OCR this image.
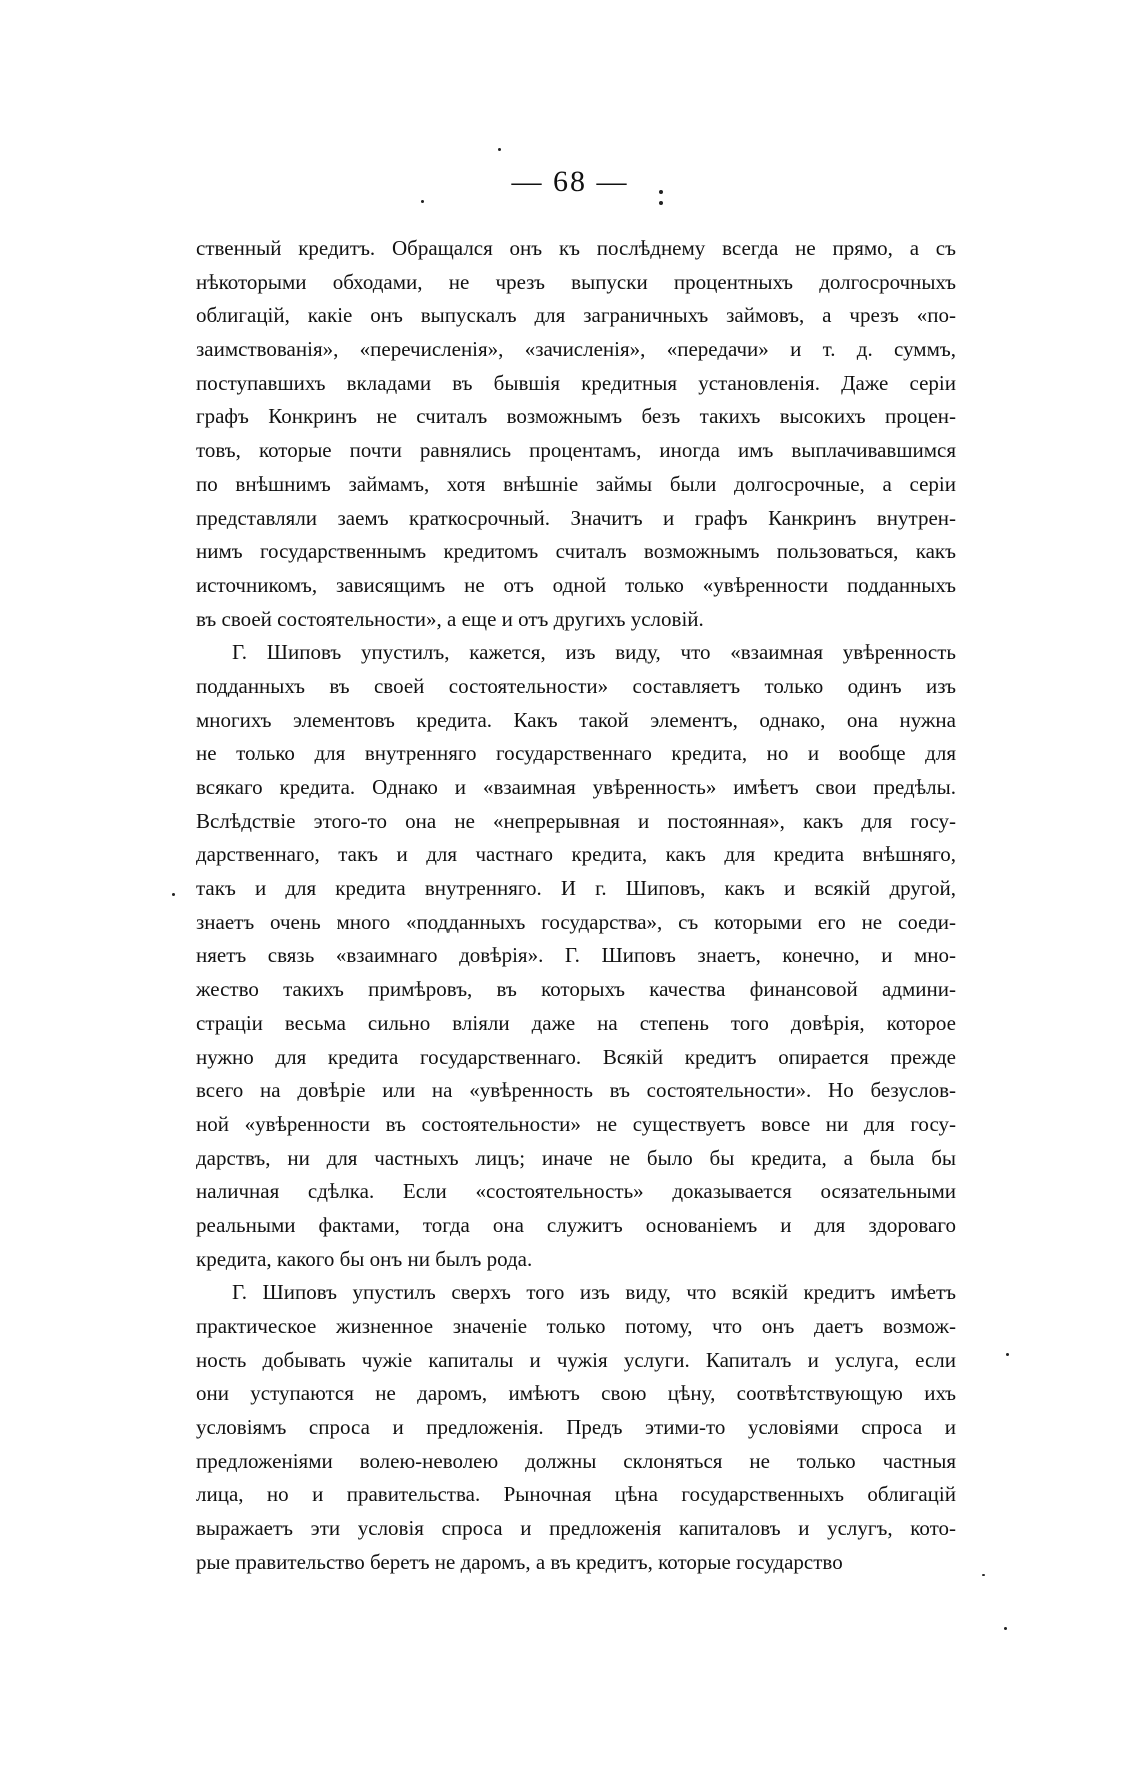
— 68 —
ственный кредитъ. Обращался онъ къ послѣднему всегда не прямо, а съ
нѣкоторыми обходами, не чрезъ выпуски процентныхъ долгосрочныхъ
облигацій, какіе онъ выпускалъ для заграничныхъ займовъ, а чрезъ «по-
заимствованія», «перечисленія», «зачисленія», «передачи» и т. д. суммъ,
поступавшихъ вкладами въ бывшія кредитныя установленія. Даже серіи
графъ Конкринъ не считалъ возможнымъ безъ такихъ высокихъ процен-
товъ, которые почти равнялись процентамъ, иногда имъ выплачивавшимся
по внѣшнимъ займамъ, хотя внѣшніе займы были долгосрочные, а серіи
представляли заемъ краткосрочный. Значитъ и графъ Канкринъ внутрен-
нимъ государственнымъ кредитомъ считалъ возможнымъ пользоваться, какъ
источникомъ, зависящимъ не отъ одной только «увѣренности подданныхъ
въ своей состоятельности», а еще и отъ другихъ условій.
Г. Шиповъ упустилъ, кажется, изъ виду, что «взаимная увѣренность
подданныхъ въ своей состоятельности» составляетъ только одинъ изъ
многихъ элементовъ кредита. Какъ такой элементъ, однако, она нужна
не только для внутренняго государственнаго кредита, но и вообще для
всякаго кредита. Однако и «взаимная увѣренность» имѣетъ свои предѣлы.
Вслѣдствіе этого-то она не «непрерывная и постоянная», какъ для госу-
дарственнаго, такъ и для частнаго кредита, какъ для кредита внѣшняго,
такъ и для кредита внутренняго. И г. Шиповъ, какъ и всякій другой,
знаетъ очень много «подданныхъ государства», съ которыми его не соеди-
няетъ связь «взаимнаго довѣрія». Г. Шиповъ знаетъ, конечно, и мно-
жество такихъ примѣровъ, въ которыхъ качества финансовой админи-
страціи весьма сильно вліяли даже на степень того довѣрія, которое
нужно для кредита государственнаго. Всякій кредитъ опирается прежде
всего на довѣріе или на «увѣренность въ состоятельности». Но безуслов-
ной «увѣренности въ состоятельности» не существуетъ вовсе ни для госу-
дарствъ, ни для частныхъ лицъ; иначе не было бы кредита, а была бы
наличная сдѣлка. Если «состоятельность» доказывается осязательными
реальными фактами, тогда она служитъ основаніемъ и для здороваго
кредита, какого бы онъ ни былъ рода.
Г. Шиповъ упустилъ сверхъ того изъ виду, что всякій кредитъ имѣетъ
практическое жизненное значеніе только потому, что онъ даетъ возмож-
ность добывать чужіе капиталы и чужія услуги. Капиталъ и услуга, если
они уступаются не даромъ, имѣютъ свою цѣну, соотвѣтствующую ихъ
условіямъ спроса и предложенія. Предъ этими-то условіями спроса и
предложеніями волею-неволею должны склоняться не только частныя
лица, но и правительства. Рыночная цѣна государственныхъ облигацій
выражаетъ эти условія спроса и предложенія капиталовъ и услугъ, кото-
рые правительство беретъ не даромъ, а въ кредитъ, которые государство
